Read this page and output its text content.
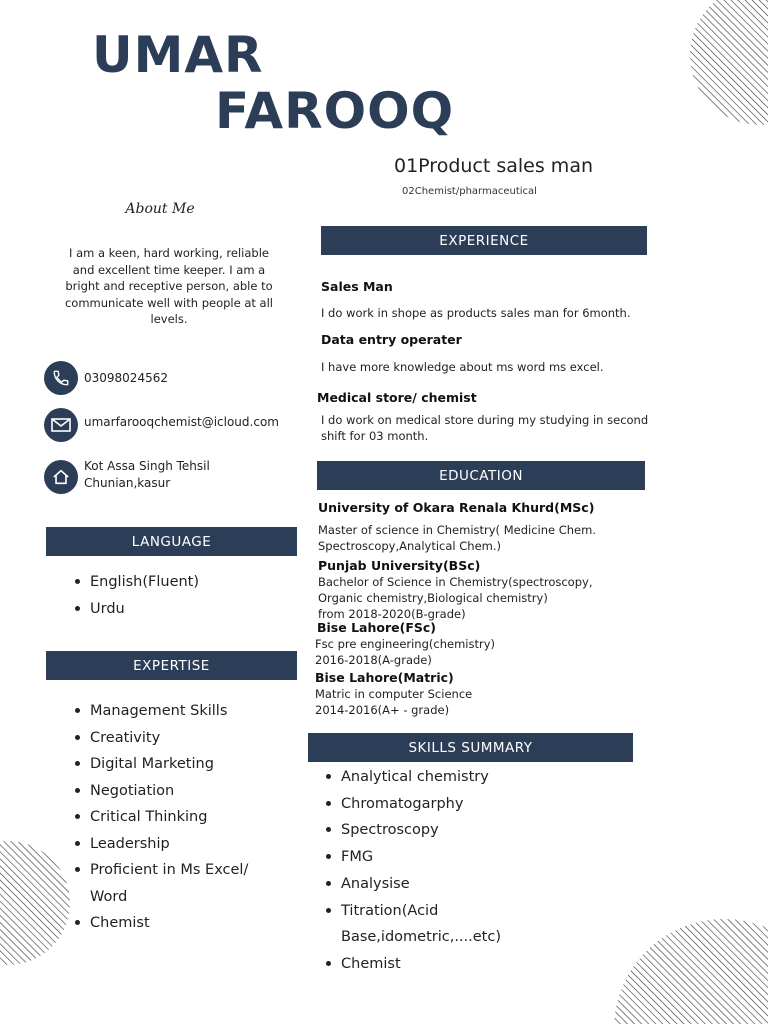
UMAR
FAROOQ
01Product sales man
02Chemist/pharmaceutical
About Me
I am a keen, hard working, reliable and excellent time keeper. I am a bright and receptive person, able to communicate well with people at all levels.
03098024562
umarfarooqchemist@icloud.com
Kot Assa Singh Tehsil
Chunian,kasur
LANGUAGE
English(Fluent)
Urdu
EXPERTISE
Management Skills
Creativity
Digital Marketing
Negotiation
Critical Thinking
Leadership
Proficient in Ms Excel/
Word
Chemist
EXPERIENCE
Sales Man
I do work in shope as products sales man for 6month.
Data entry operater
I have more knowledge about ms word ms excel.
Medical store/ chemist
I do work on medical store during my studying in second
shift for 03 month.
EDUCATION
University of Okara Renala Khurd(MSc)
Master of science in Chemistry( Medicine Chem.
Spectroscopy,Analytical Chem.)
Punjab University(BSc)
Bachelor of Science in Chemistry(spectroscopy,
Organic chemistry,Biological chemistry)
from 2018-2020(B-grade)
Bise Lahore(FSc)
Fsc pre engineering(chemistry)
2016-2018(A-grade)
Bise Lahore(Matric)
Matric in computer Science
2014-2016(A+ - grade)
SKILLS SUMMARY
Analytical chemistry
Chromatogarphy
Spectroscopy
FMG
Analysise
Titration(Acid
Base,idometric,....etc)
Chemist
